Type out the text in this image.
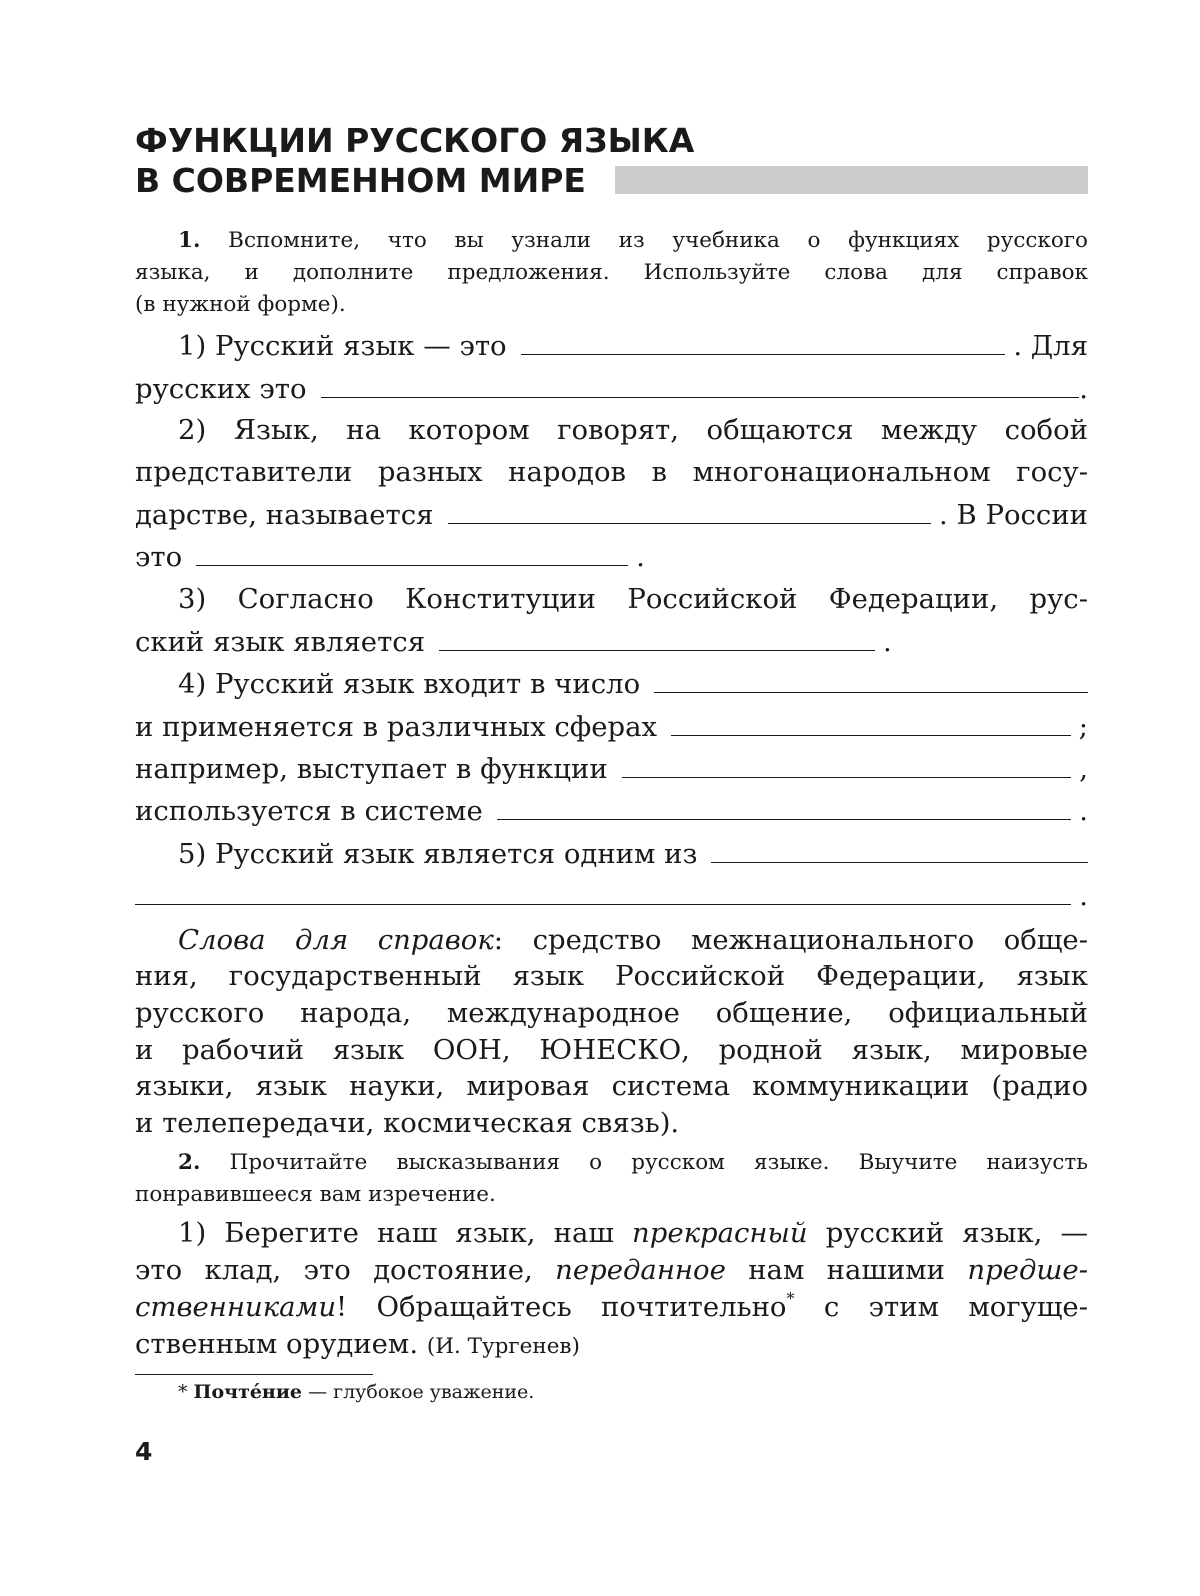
ФУНКЦИИ РУССКОГО ЯЗЫКА
В СОВРЕМЕННОМ МИРЕ
1. Вспомните, что вы узнали из учебника о функциях русского
языка, и дополните предложения. Используйте слова для справок
(в нужной форме).
1) Русский язык — это	. Для
русских это	.
2) Язык, на котором говорят, общаются между собой
представители разных народов в многонациональном госу-
дарстве, называется	. В России
это	.
3) Согласно Конституции Российской Федерации, рус-
ский язык является	.
4) Русский язык входит в число
и применяется в различных сферах	;
например, выступает в функции	,
используется в системе	.
5) Русский язык является одним из
.
Слова для справок: средство межнационального обще-
ния, государственный язык Российской Федерации, язык
русского народа, международное общение, официальный
и рабочий язык ООН, ЮНЕСКО, родной язык, мировые
языки, язык науки, мировая система коммуникации (радио
и телепередачи, космическая связь).
2. Прочитайте высказывания о русском языке. Выучите наизусть
понравившееся вам изречение.
1) Берегите наш язык, наш прекрасный русский язык, —
это клад, это достояние, переданное нам нашими предше-
ственниками! Обращайтесь почтительно* с этим могуще-
ственным орудием. (И. Тургенев)
* Почте́ние — глубокое уважение.
4
